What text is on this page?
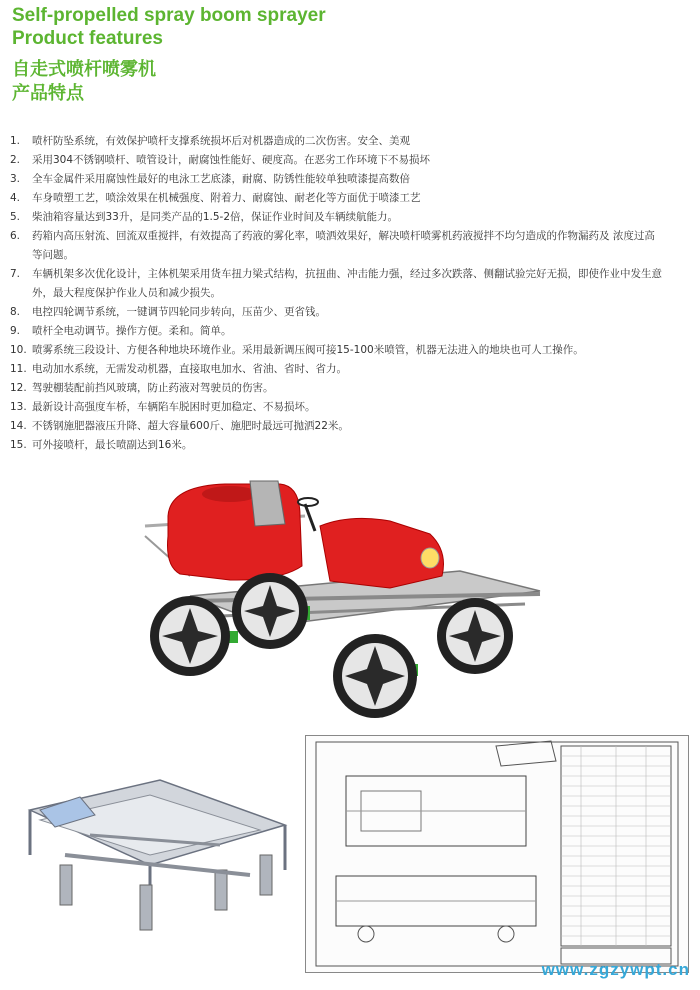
Self-propelled spray boom sprayer
Product features
自走式喷杆喷雾机
产品特点
1.	喷杆防坠系统，有效保护喷杆支撑系统损坏后对机器造成的二次伤害。安全、美观
2.	采用304不锈钢喷杆、喷管设计，耐腐蚀性能好、硬度高。在恶劣工作环境下不易损坏
3.	全车金属件采用腐蚀性最好的电泳工艺底漆，耐腐、防锈性能较单独喷漆提高数倍
4.	车身喷塑工艺，喷涂效果在机械强度、附着力、耐腐蚀、耐老化等方面优于喷漆工艺
5.	柴油箱容量达到33升，是同类产品的1.5-2倍，保证作业时间及车辆续航能力。
6.	药箱内高压射流、回流双重搅拌，有效提高了药液的雾化率，喷洒效果好，解决喷杆喷雾机药液搅拌不均匀造成的作物漏药及 浓度过高等问题。
7.	车辆机架多次优化设计，主体机架采用货车扭力梁式结构，抗扭曲、冲击能力强，经过多次跌落、侧翻试验完好无损，即使作业中发生意外，最大程度保护作业人员和减少损失。
8.	电控四轮调节系统，一键调节四轮同步转向，压苗少、更省钱。
9.	喷杆全电动调节。操作方便。柔和。简单。
10. 喷雾系统三段设计、方便各种地块环境作业。采用最新调压阀可接15-100米喷管，机器无法进入的地块也可人工操作。
11. 电动加水系统，无需发动机器，直接取电加水、省油、省时、省力。
12. 驾驶棚装配前挡风玻璃，防止药液对驾驶员的伤害。
13. 最新设计高强度车桥，车辆陷车脱困时更加稳定、不易损坏。
14. 不锈钢施肥器液压升降、超大容量600斤、施肥时最远可抛洒22米。
15. 可外接喷杆，最长喷副达到16米。
www.zgzywpt.cn
